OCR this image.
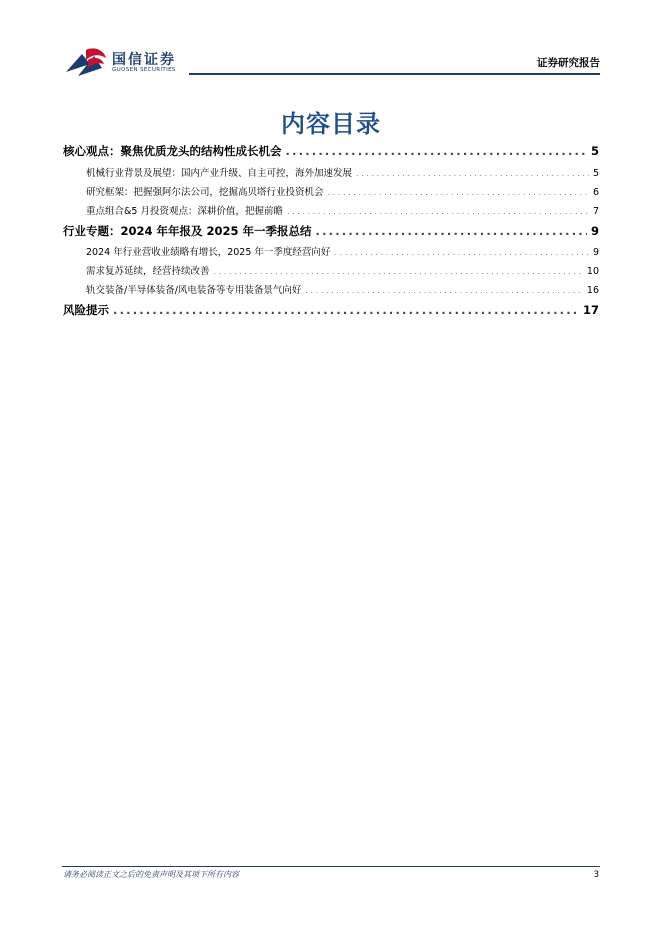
国信证券
GUOSEN SECURITIES
证券研究报告
内容目录
核心观点：聚焦优质龙头的结构性成长机会 .....	5
机械行业背景及展望：国内产业升级、自主可控，海外加速发展 .....	5
研究框架：把握强阿尔法公司，挖掘高贝塔行业投资机会 .....	6
重点组合&5 月投资观点：深耕价值，把握前瞻 .....	7
行业专题：2024 年年报及 2025 年一季报总结 .....	9
2024 年行业营收业绩略有增长，2025 年一季度经营向好 .....	9
需求复苏延续，经营持续改善 .....	10
轨交装备/半导体装备/风电装备等专用装备景气向好 .....	16
风险提示 .....	17
请务必阅读正文之后的免责声明及其项下所有内容	3
